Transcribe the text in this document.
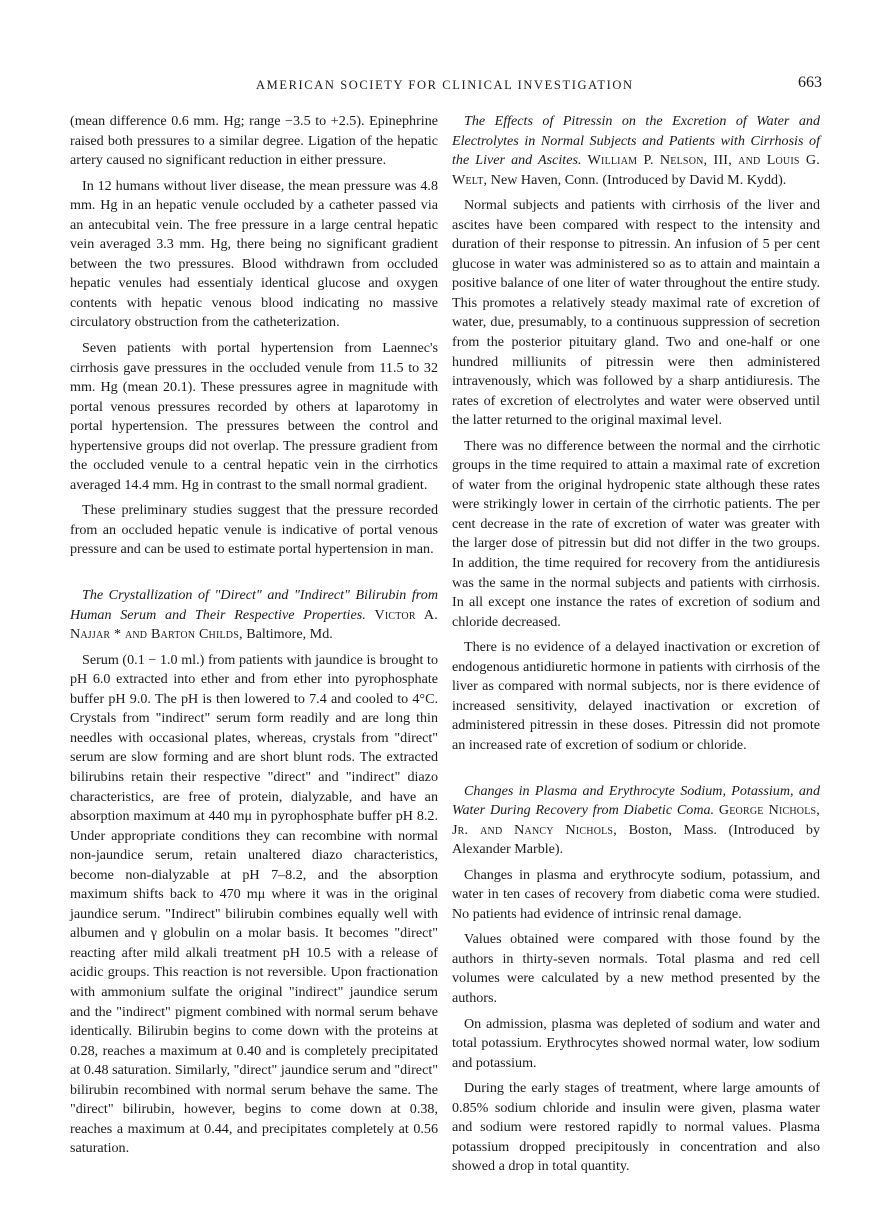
AMERICAN SOCIETY FOR CLINICAL INVESTIGATION	663

(mean difference 0.6 mm. Hg; range −3.5 to +2.5). Epinephrine raised both pressures to a similar degree. Ligation of the hepatic artery caused no significant reduction in either pressure.

In 12 humans without liver disease, the mean pressure was 4.8 mm. Hg in an hepatic venule occluded by a catheter passed via an antecubital vein. The free pressure in a large central hepatic vein averaged 3.3 mm. Hg, there being no significant gradient between the two pressures. Blood withdrawn from occluded hepatic venules had essentialy identical glucose and oxygen contents with hepatic venous blood indicating no massive circulatory obstruction from the catheterization.

Seven patients with portal hypertension from Laennec's cirrhosis gave pressures in the occluded venule from 11.5 to 32 mm. Hg (mean 20.1). These pressures agree in magnitude with portal venous pressures recorded by others at laparotomy in portal hypertension. The pressures between the control and hypertensive groups did not overlap. The pressure gradient from the occluded venule to a central hepatic vein in the cirrhotics averaged 14.4 mm. Hg in contrast to the small normal gradient.

These preliminary studies suggest that the pressure recorded from an occluded hepatic venule is indicative of portal venous pressure and can be used to estimate portal hypertension in man.

The Crystallization of "Direct" and "Indirect" Bilirubin from Human Serum and Their Respective Properties. Victor A. Najjar * and Barton Childs, Baltimore, Md.

Serum (0.1 − 1.0 ml.) from patients with jaundice is brought to pH 6.0 extracted into ether and from ether into pyrophosphate buffer pH 9.0. The pH is then lowered to 7.4 and cooled to 4°C. Crystals from "indirect" serum form readily and are long thin needles with occasional plates, whereas, crystals from "direct" serum are slow forming and are short blunt rods. The extracted bilirubins retain their respective "direct" and "indirect" diazo characteristics, are free of protein, dialyzable, and have an absorption maximum at 440 mμ in pyrophosphate buffer pH 8.2. Under appropriate conditions they can recombine with normal non-jaundice serum, retain unaltered diazo characteristics, become non-dialyzable at pH 7–8.2, and the absorption maximum shifts back to 470 mμ where it was in the original jaundice serum. "Indirect" bilirubin combines equally well with albumen and γ globulin on a molar basis. It becomes "direct" reacting after mild alkali treatment pH 10.5 with a release of acidic groups. This reaction is not reversible. Upon fractionation with ammonium sulfate the original "indirect" jaundice serum and the "indirect" pigment combined with normal serum behave identically. Bilirubin begins to come down with the proteins at 0.28, reaches a maximum at 0.40 and is completely precipitated at 0.48 saturation. Similarly, "direct" jaundice serum and "direct" bilirubin recombined with normal serum behave the same. The "direct" bilirubin, however, begins to come down at 0.38, reaches a maximum at 0.44, and precipitates completely at 0.56 saturation.

The Effects of Pitressin on the Excretion of Water and Electrolytes in Normal Subjects and Patients with Cirrhosis of the Liver and Ascites. William P. Nelson, III, and Louis G. Welt, New Haven, Conn. (Introduced by David M. Kydd).

Normal subjects and patients with cirrhosis of the liver and ascites have been compared with respect to the intensity and duration of their response to pitressin. An infusion of 5 per cent glucose in water was administered so as to attain and maintain a positive balance of one liter of water throughout the entire study. This promotes a relatively steady maximal rate of excretion of water, due, presumably, to a continuous suppression of secretion from the posterior pituitary gland. Two and one-half or one hundred milliunits of pitressin were then administered intravenously, which was followed by a sharp antidiuresis. The rates of excretion of electrolytes and water were observed until the latter returned to the original maximal level.

There was no difference between the normal and the cirrhotic groups in the time required to attain a maximal rate of excretion of water from the original hydropenic state although these rates were strikingly lower in certain of the cirrhotic patients. The per cent decrease in the rate of excretion of water was greater with the larger dose of pitressin but did not differ in the two groups. In addition, the time required for recovery from the antidiuresis was the same in the normal subjects and patients with cirrhosis. In all except one instance the rates of excretion of sodium and chloride decreased.

There is no evidence of a delayed inactivation or excretion of endogenous antidiuretic hormone in patients with cirrhosis of the liver as compared with normal subjects, nor is there evidence of increased sensitivity, delayed inactivation or excretion of administered pitressin in these doses. Pitressin did not promote an increased rate of excretion of sodium or chloride.

Changes in Plasma and Erythrocyte Sodium, Potassium, and Water During Recovery from Diabetic Coma. George Nichols, Jr. and Nancy Nichols, Boston, Mass. (Introduced by Alexander Marble).

Changes in plasma and erythrocyte sodium, potassium, and water in ten cases of recovery from diabetic coma were studied. No patients had evidence of intrinsic renal damage.

Values obtained were compared with those found by the authors in thirty-seven normals. Total plasma and red cell volumes were calculated by a new method presented by the authors.

On admission, plasma was depleted of sodium and water and total potassium. Erythrocytes showed normal water, low sodium and potassium.

During the early stages of treatment, where large amounts of 0.85% sodium chloride and insulin were given, plasma water and sodium were restored rapidly to normal values. Plasma potassium dropped precipitously in concentration and also showed a drop in total quantity.
